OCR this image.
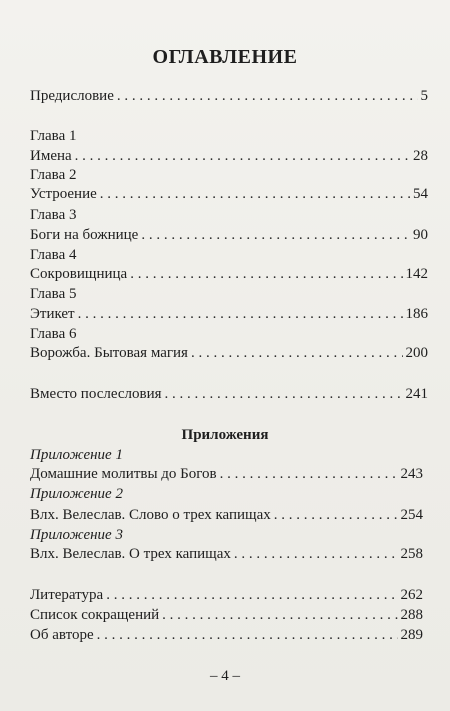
ОГЛАВЛЕНИЕ
Предисловие . . .	5
Глава 1
Имена . . .	28
Глава 2
Устроение . . .	54
Глава 3
Боги на божнице . . .	90
Глава 4
Сокровищница . . .	142
Глава 5
Этикет . . .	186
Глава 6
Ворожба. Бытовая магия . . .	200
Вместо послесловия . . .	241
Приложения
Приложение 1
Домашние молитвы до Богов . . .	243
Приложение 2
Влх. Велеслав. Слово о трех капищах . . .	254
Приложение 3
Влх. Велеслав. О трех капищах . . .	258
Литература . . .	262
Список сокращений . . .	288
Об авторе . . .	289
– 4 –
